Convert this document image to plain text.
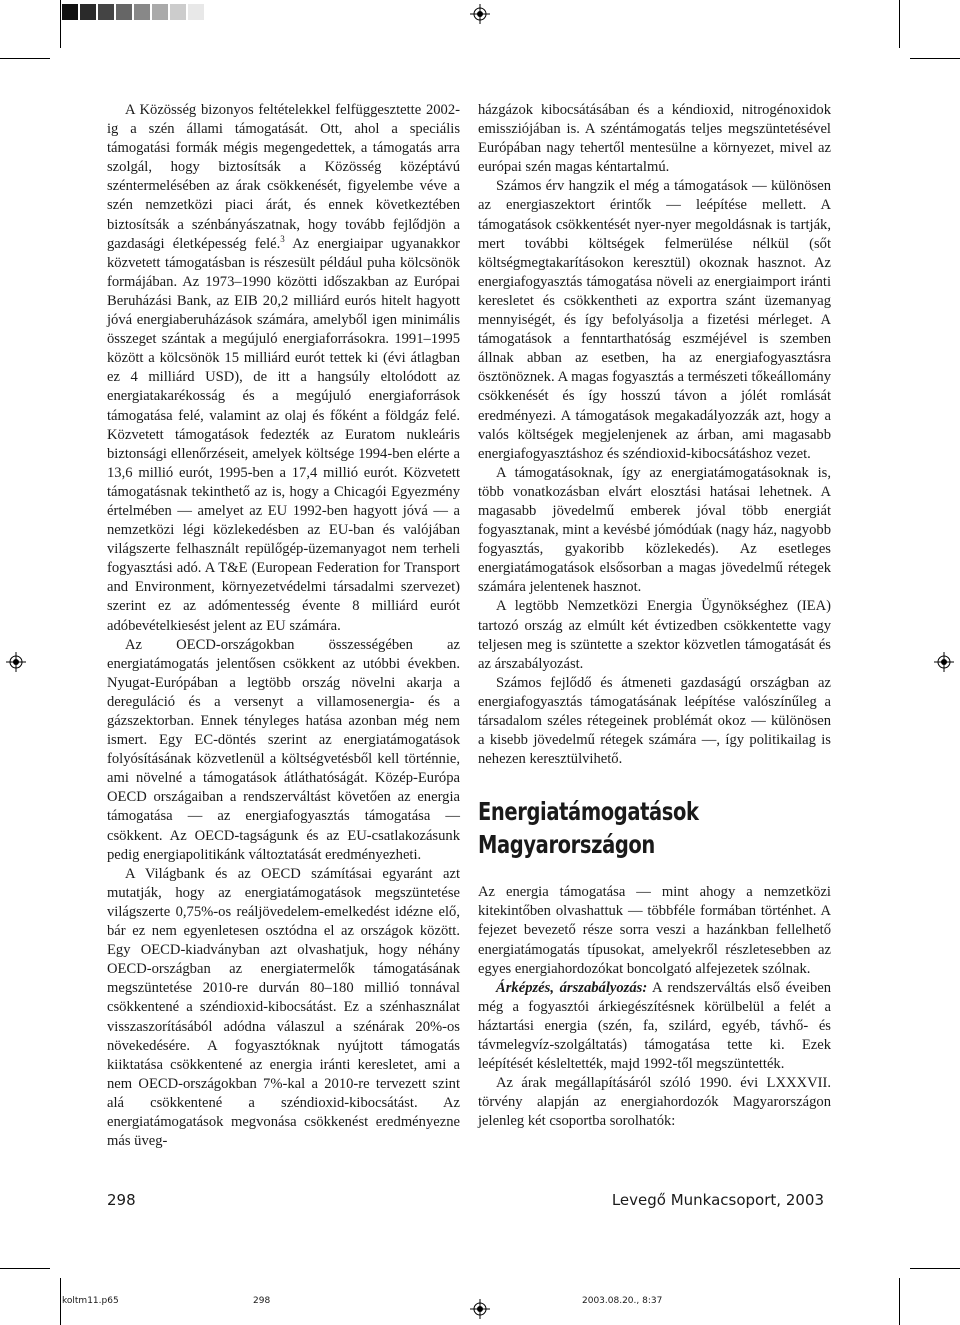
A Közösség bizonyos feltételekkel felfüggesztette 2002-ig a szén állami támogatását. Ott, ahol a speciális támogatási formák mégis megengedettek, a támogatás arra szolgál, hogy biztosítsák a Közösség középtávú széntermelésében az árak csökkenését, figyelembe véve a szén nemzetközi piaci árát, és ennek következtében biztosítsák a szénbányászatnak, hogy tovább fejlődjön a gazdasági életképesség felé.$^3$ Az energiaipar ugyanakkor közvetett támogatásban is részesült például puha kölcsönök formájában. Az 1973–1990 közötti időszakban az Európai Beruházási Bank, az EIB 20,2 milliárd eurós hitelt hagyott jóvá energiaberuházások számára, amelyből igen minimális összeget szántak a megújuló energiaforrásokra. 1991–1995 között a kölcsönök 15 milliárd eurót tettek ki (évi átlagban ez 4 milliárd USD), de itt a hangsúly eltolódott az energiatakarékosság és a megújuló energiaforrások támogatása felé, valamint az olaj és főként a földgáz felé. Közvetett támogatások fedezték az Euratom nukleáris biztonsági ellenőrzéseit, amelyek költsége 1994-ben elérte a 13,6 millió eurót, 1995-ben a 17,4 millió eurót. Közvetett támogatásnak tekinthető az is, hogy a Chicagói Egyezmény értelmében — amelyet az EU 1992-ben hagyott jóvá — a nemzetközi légi közlekedésben az EU-ban és valójában világszerte felhasznált repülőgép-üzemanyagot nem terheli fogyasztási adó. A T&E (European Federation for Transport and Environment, környezetvédelmi társadalmi szervezet) szerint ez az adómentesség évente 8 milliárd eurót adóbevételkiesést jelent az EU számára.

Az OECD-országokban összességében az energiatámogatás jelentősen csökkent az utóbbi években. Nyugat-Európában a legtöbb ország növelni akarja a dereguláció és a versenyt a villamosenergia- és a gázszektorban. Ennek tényleges hatása azonban még nem ismert. Egy EC-döntés szerint az energiatámogatások folyósításának közvetlenül a költségvetésből kell történnie, ami növelné a támogatások átláthatóságát. Közép-Európa OECD országaiban a rendszerváltást követően az energia támogatása — az energiafogyasztás támogatása — csökkent. Az OECD-tagságunk és az EU-csatlakozásunk pedig energiapolitikánk változtatását eredményezheti.

A Világbank és az OECD számításai egyaránt azt mutatják, hogy az energiatámogatások megszüntetése világszerte 0,75%-os reáljövedelem-emelkedést idézne elő, bár ez nem egyenletesen osztódna el az országok között. Egy OECD-kiadványban azt olvashatjuk, hogy néhány OECD-országban az energiatermelők támogatásának megszüntetése 2010-re durván 80–180 millió tonnával csökkentené a széndioxid-kibocsátást. Ez a szénhasználat visszaszorításából adódna válaszul a szénárak 20%-os növekedésére. A fogyasztóknak nyújtott támogatás kiiktatása csökkentené az energia iránti keresletet, ami a nem OECD-országokban 7%-kal a 2010-re tervezett szint alá csökkentené a széndioxid-kibocsátást. Az energiatámogatások megvonása csökkenést eredményezne más üveg-

házgázok kibocsátásában és a kéndioxid, nitrogénoxidok emissziójában is. A széntámogatás teljes megszüntetésével Európában nagy tehertől mentesülne a környezet, mivel az európai szén magas kéntartalmú.

Számos érv hangzik el még a támogatások — különösen az energiaszektort érintők — leépítése mellett. A támogatások csökkentését nyer-nyer megoldásnak is tartják, mert további költségek felmerülése nélkül (sőt költségmegtakarításokon keresztül) okoznak hasznot. Az energiafogyasztás támogatása növeli az energiaimport iránti keresletet és csökkentheti az exportra szánt üzemanyag mennyiségét, és így befolyásolja a fizetési mérleget. A támogatások a fenntarthatóság eszméjével is szemben állnak abban az esetben, ha az energiafogyasztásra ösztönöznek. A magas fogyasztás a természeti tőkeállomány csökkenését és így hosszú távon a jólét romlását eredményezi. A támogatások megakadályozzák azt, hogy a valós költségek megjelenjenek az árban, ami magasabb energiafogyasztáshoz és széndioxid-kibocsátáshoz vezet.

A támogatásoknak, így az energiatámogatásoknak is, több vonatkozásban elvárt elosztási hatásai lehetnek. A magasabb jövedelmű emberek jóval több energiát fogyasztanak, mint a kevésbé jómódúak (nagy ház, nagyobb fogyasztás, gyakoribb közlekedés). Az esetleges energiatámogatások elsősorban a magas jövedelmű rétegek számára jelentenek hasznot.

A legtöbb Nemzetközi Energia Ügynökséghez (IEA) tartozó ország az elmúlt két évtizedben csökkentette vagy teljesen meg is szüntette a szektor közvetlen támogatását és az árszabályozást.

Számos fejlődő és átmeneti gazdaságú országban az energiafogyasztás támogatásának leépítése valószínűleg a társadalom széles rétegeinek problémát okoz — különösen a kisebb jövedelmű rétegek számára —, így politikailag is nehezen keresztülvihető.

Energiatámogatások
Magyarországon

Az energia támogatása — mint ahogy a nemzetközi kitekintőben olvashattuk — többféle formában történhet. A fejezet bevezető része sorra veszi a hazánkban fellelhető energiatámogatás típusokat, amelyekről részletesebben az egyes energiahordozókat boncolgató alfejezetek szólnak.

Árképzés, árszabályozás: A rendszerváltás első éveiben még a fogyasztói árkiegészítésnek körülbelül a felét a háztartási energia (szén, fa, szilárd, egyéb, távhő- és távmelegvíz-szolgáltatás) támogatása tette ki. Ezek leépítését késleltették, majd 1992-től megszüntették.

Az árak megállapításáról szóló 1990. évi LXXXVII. törvény alapján az energiahordozók Magyarországon jelenleg két csoportba sorolhatók:

298	Levegő Munkacsoport, 2003
koltm11.p65	298	2003.08.20., 8:37
